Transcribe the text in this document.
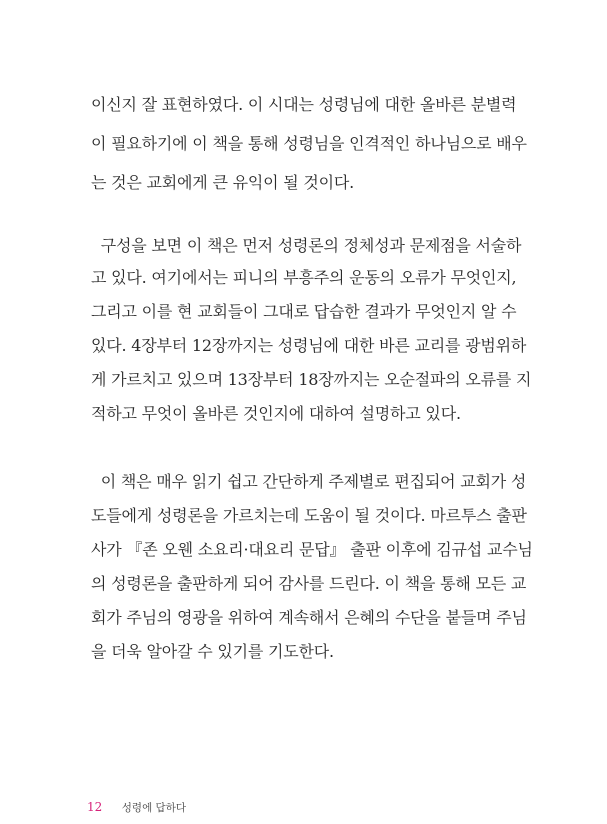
이신지 잘 표현하였다. 이 시대는 성령님에 대한 올바른 분별력
이 필요하기에 이 책을 통해 성령님을 인격적인 하나님으로 배우
는 것은 교회에게 큰 유익이 될 것이다.
구성을 보면 이 책은 먼저 성령론의 정체성과 문제점을 서술하
고 있다. 여기에서는 피니의 부흥주의 운동의 오류가 무엇인지,
그리고 이를 현 교회들이 그대로 답습한 결과가 무엇인지 알 수
있다. 4장부터 12장까지는 성령님에 대한 바른 교리를 광범위하
게 가르치고 있으며 13장부터 18장까지는 오순절파의 오류를 지
적하고 무엇이 올바른 것인지에 대하여 설명하고 있다.
이 책은 매우 읽기 쉽고 간단하게 주제별로 편집되어 교회가 성
도들에게 성령론을 가르치는데 도움이 될 것이다. 마르투스 출판
사가 『존 오웬 소요리·대요리 문답』 출판 이후에 김규섭 교수님
의 성령론을 출판하게 되어 감사를 드린다. 이 책을 통해 모든 교
회가 주님의 영광을 위하여 계속해서 은혜의 수단을 붙들며 주님
을 더욱 알아갈 수 있기를 기도한다.
12 성령에 답하다
